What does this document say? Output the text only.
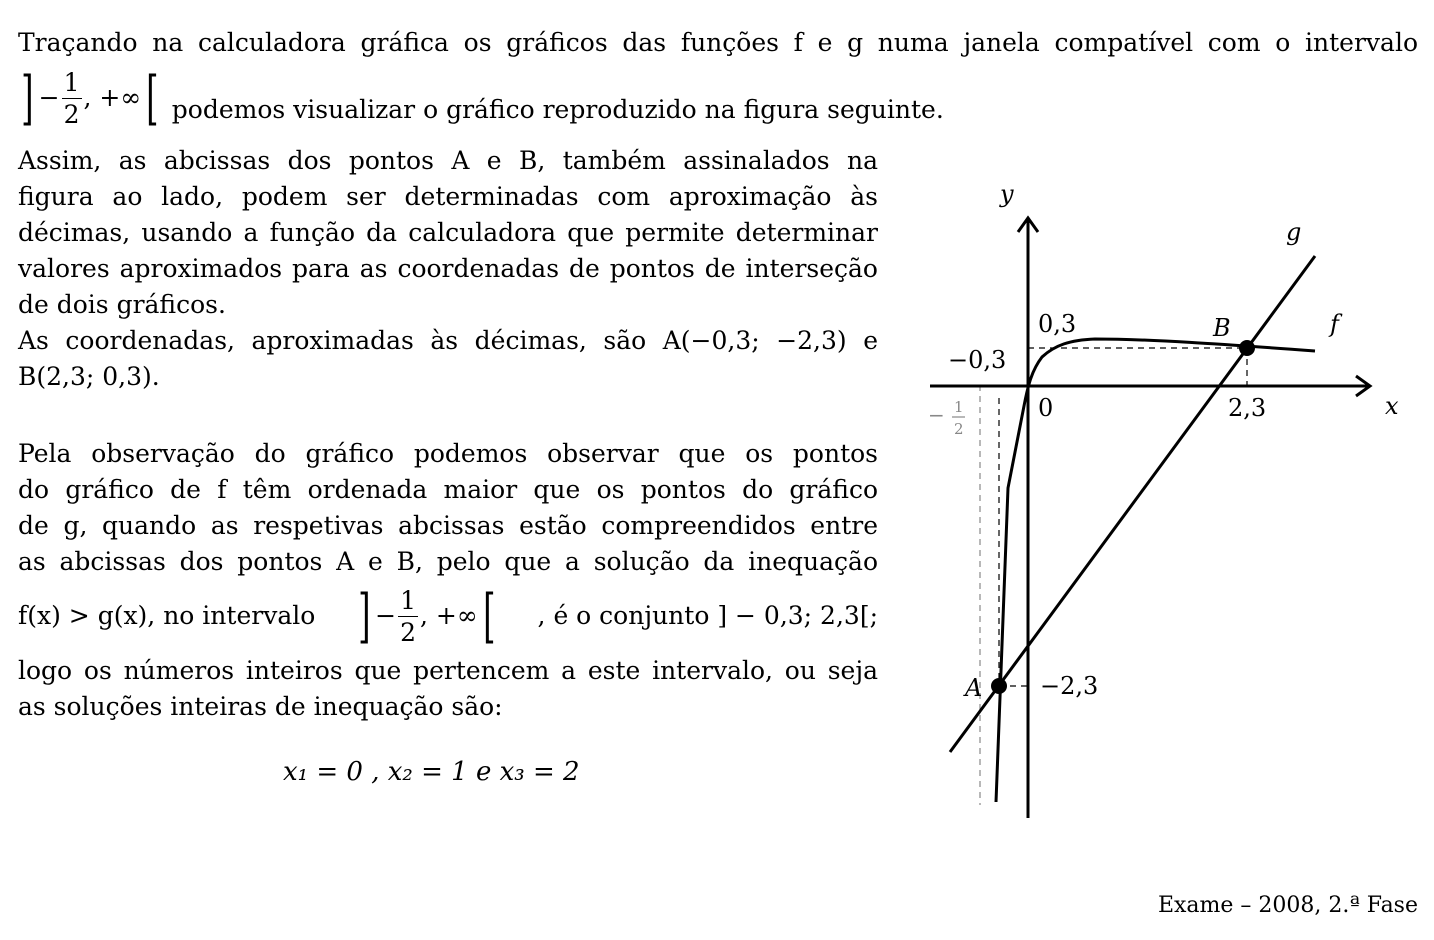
Traçando na calculadora gráfica os gráficos das funções f e g numa janela compatível com o intervalo
] − $\frac{1}{2}$ , +∞ [ podemos visualizar o gráfico reproduzido na figura seguinte.
Assim, as abcissas dos pontos A e B, também assinalados na
figura ao lado, podem ser determinadas com aproximação às
décimas, usando a função da calculadora que permite determinar
valores aproximados para as coordenadas de pontos de interseção
de dois gráficos.
As coordenadas, aproximadas às décimas, são A(−0,3; −2,3) e
B(2,3; 0,3).
Pela observação do gráfico podemos observar que os pontos
do gráfico de f têm ordenada maior que os pontos do gráfico
de g, quando as respetivas abcissas estão compreendidos entre
as abcissas dos pontos A e B, pelo que a solução da inequação
f(x) > g(x), no intervalo ] − $\frac{1}{2}$ , +∞ [ , é o conjunto ] − 0,3; 2,3[;
logo os números inteiros que pertencem a este intervalo, ou seja
as soluções inteiras de inequação são:
x₁ = 0 , x₂ = 1 e x₃ = 2
y
x
g
f
B
A
0,3
−0,3
0	2,3
−2,3
− 1
2
Exame – 2008, 2.ª Fase
